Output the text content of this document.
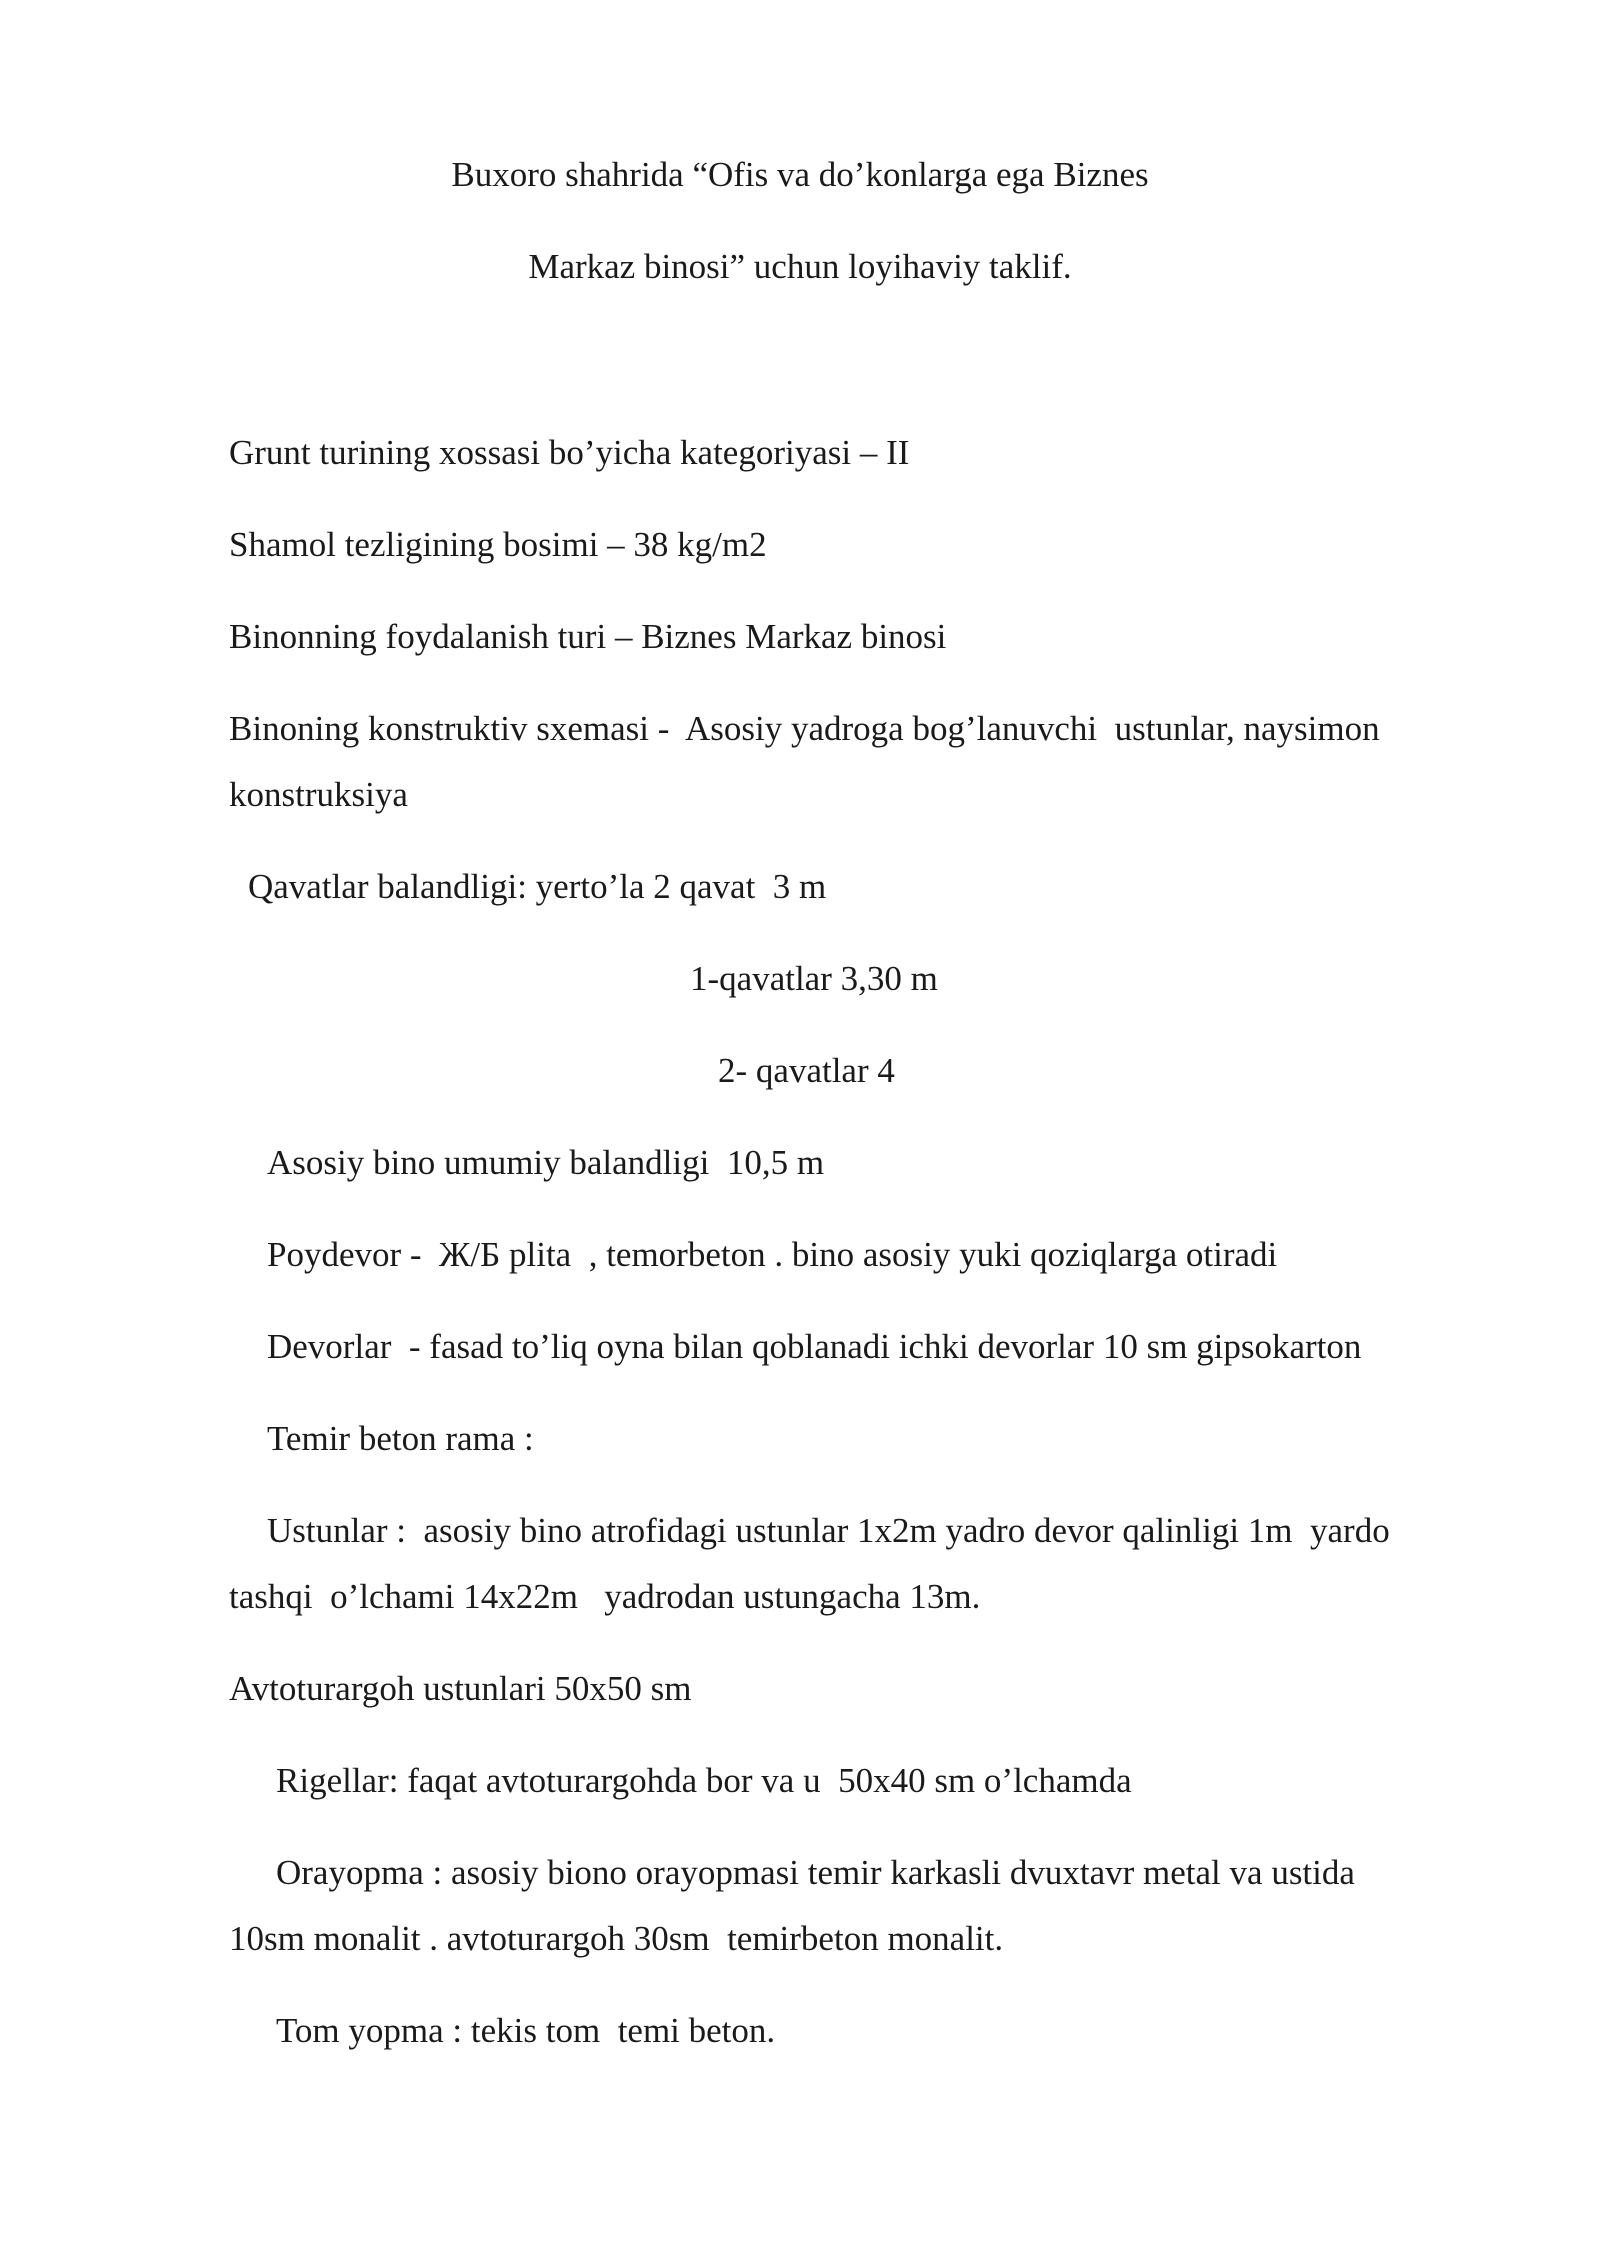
Buxoro shahrida “Ofis va do’konlarga ega Biznes

Markaz binosi” uchun loyihaviy taklif.

Grunt turining xossasi bo’yicha kategoriyasi – II

Shamol tezligining bosimi – 38 kg/m2

Binonning foydalanish turi – Biznes Markaz binosi

Binoning konstruktiv sxemasi -  Asosiy yadroga bog’lanuvchi  ustunlar, naysimon

konstruksiya

Qavatlar balandligi: yerto’la 2 qavat  3 m

1-qavatlar 3,30 m

2- qavatlar 4

Asosiy bino umumiy balandligi  10,5 m

Poydevor -  Ж/Б plita  , temorbeton . bino asosiy yuki qoziqlarga otiradi

Devorlar  - fasad to’liq oyna bilan qoblanadi ichki devorlar 10 sm gipsokarton

Temir beton rama :

Ustunlar :  asosiy bino atrofidagi ustunlar 1x2m yadro devor qalinligi 1m  yardo

tashqi  o’lchami 14x22m   yadrodan ustungacha 13m.

Avtoturargoh ustunlari 50x50 sm

Rigellar: faqat avtoturargohda bor va u  50x40 sm o’lchamda

Orayopma : asosiy biono orayopmasi temir karkasli dvuxtavr metal va ustida

10sm monalit . avtoturargoh 30sm  temirbeton monalit.

Tom yopma : tekis tom  temi beton.
